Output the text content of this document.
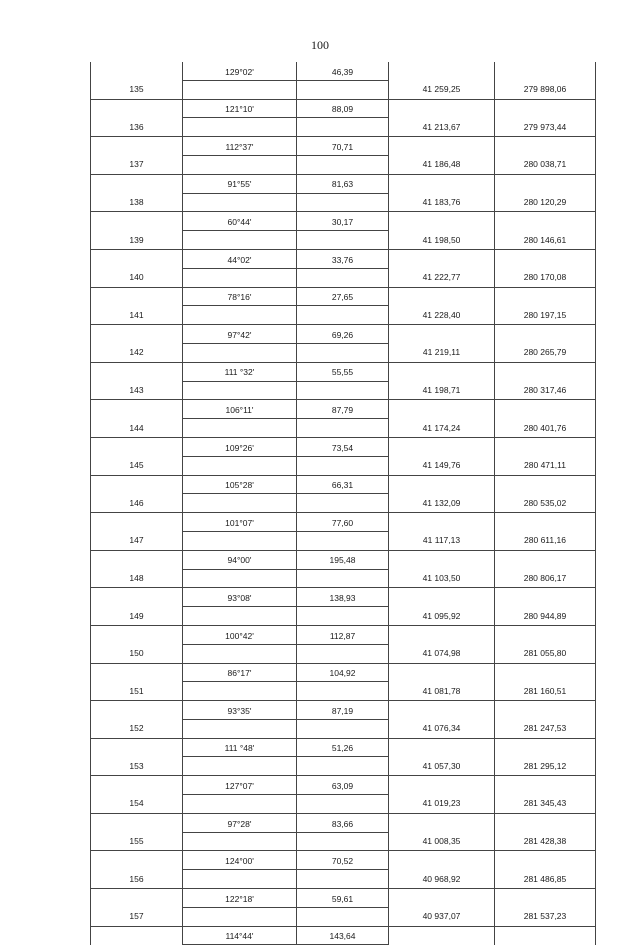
100
	129°02'	46,39		
135			41 259,25	279 898,06
	121°10'	88,09		
136			41 213,67	279 973,44
	112°37'	70,71		
137			41 186,48	280 038,71
	91°55'	81,63		
138			41 183,76	280 120,29
	60°44'	30,17		
139			41 198,50	280 146,61
	44°02'	33,76		
140			41 222,77	280 170,08
	78°16'	27,65		
141			41 228,40	280 197,15
	97°42'	69,26		
142			41 219,11	280 265,79
	111 °32'	55,55		
143			41 198,71	280 317,46
	106°11'	87,79		
144			41 174,24	280 401,76
	109°26'	73,54		
145			41 149,76	280 471,11
	105°28'	66,31		
146			41 132,09	280 535,02
	101°07'	77,60		
147			41 117,13	280 611,16
	94°00'	195,48		
148			41 103,50	280 806,17
	93°08'	138,93		
149			41 095,92	280 944,89
	100°42'	112,87		
150			41 074,98	281 055,80
	86°17'	104,92		
151			41 081,78	281 160,51
	93°35'	87,19		
152			41 076,34	281 247,53
	111 °48'	51,26		
153			41 057,30	281 295,12
	127°07'	63,09		
154			41 019,23	281 345,43
	97°28'	83,66		
155			41 008,35	281 428,38
	124°00'	70,52		
156			40 968,92	281 486,85
	122°18'	59,61		
157			40 937,07	281 537,23
	114°44'	143,64		
